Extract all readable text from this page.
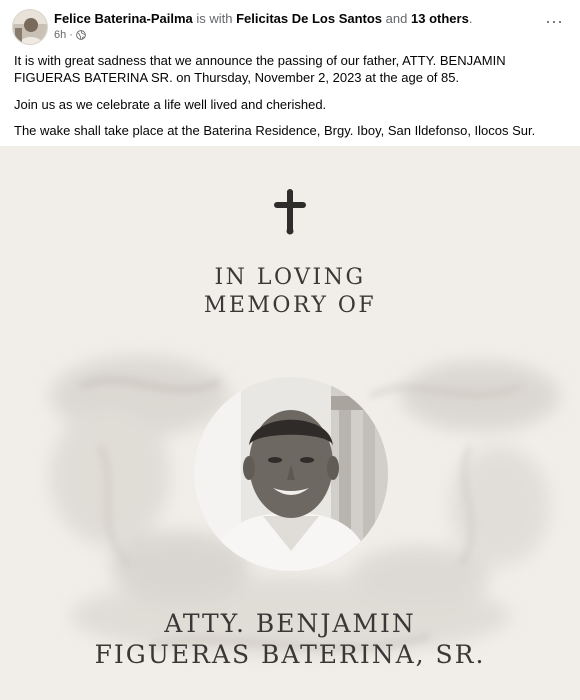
Felice Baterina-Pailma is with Felicitas De Los Santos and 13 others.
6h ·
···

It is with great sadness that we announce the passing of our father, ATTY. BENJAMIN FIGUERAS BATERINA SR. on Thursday, November 2, 2023 at the age of 85.

Join us as we celebrate a life well lived and cherished.

The wake shall take place at the Baterina Residence, Brgy. Iboy, San Ildefonso, Ilocos Sur.

IN LOVING
MEMORY OF
ATTY. BENJAMIN
FIGUERAS BATERINA, SR.
